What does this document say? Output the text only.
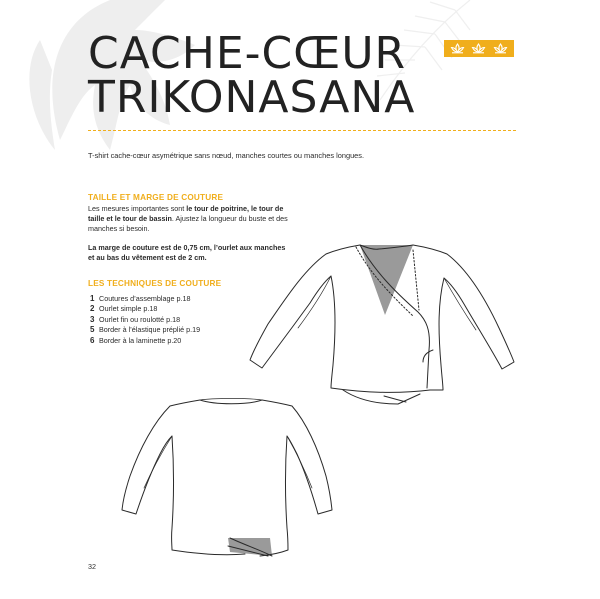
CACHE-CŒUR
TRIKONASANA

T-shirt cache-cœur asymétrique sans nœud, manches courtes ou manches longues.

TAILLE ET MARGE DE COUTURE

Les mesures importantes sont le tour de poitrine, le tour de taille et le tour de bassin. Ajustez la longueur du buste et des manches si besoin.

La marge de couture est de 0,75 cm, l’ourlet aux manches et au bas du vêtement est de 2 cm.

LES TECHNIQUES DE COUTURE
1 Coutures d’assemblage p.18
2 Ourlet simple p.18
3 Ourlet fin ou roulotté p.18
5 Border à l’élastique préplié p.19
6 Border à la laminette p.20

32
